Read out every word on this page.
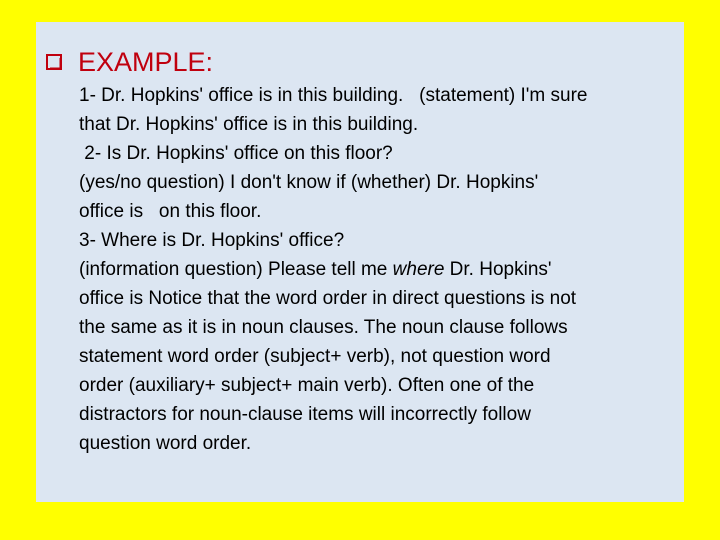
EXAMPLE:
1- Dr. Hopkins' office is in this building.   (statement) I'm sure
that Dr. Hopkins' office is in this building.
2- Is Dr. Hopkins' office on this floor?
(yes/no question) I don't know if (whether) Dr. Hopkins'
office is   on this floor.
3- Where is Dr. Hopkins' office?
(information question) Please tell me where Dr. Hopkins'
office is Notice that the word order in direct questions is not
the same as it is in noun clauses. The noun clause follows
statement word order (subject+ verb), not question word
order (auxiliary+ subject+ main verb). Often one of the
distractors for noun-clause items will incorrectly follow
question word order.
